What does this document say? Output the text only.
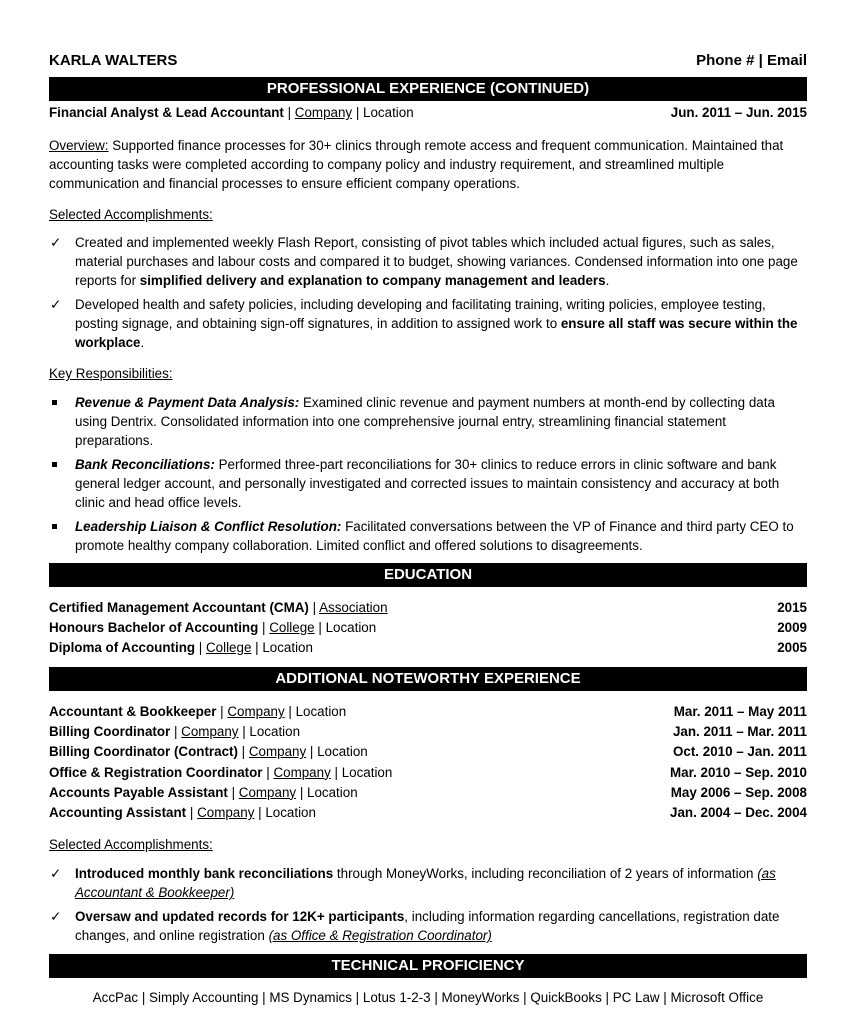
KARLA WALTERS	Phone # | Email
PROFESSIONAL EXPERIENCE (CONTINUED)
Financial Analyst & Lead Accountant | Company | Location	Jun. 2011 – Jun. 2015
Overview: Supported finance processes for 30+ clinics through remote access and frequent communication. Maintained that accounting tasks were completed according to company policy and industry requirement, and streamlined multiple communication and financial processes to ensure efficient company operations.
Selected Accomplishments:
✓ Created and implemented weekly Flash Report, consisting of pivot tables which included actual figures, such as sales, material purchases and labour costs and compared it to budget, showing variances. Condensed information into one page reports for simplified delivery and explanation to company management and leaders.
✓ Developed health and safety policies, including developing and facilitating training, writing policies, employee testing, posting signage, and obtaining sign-off signatures, in addition to assigned work to ensure all staff was secure within the workplace.
Key Responsibilities:
Revenue & Payment Data Analysis: Examined clinic revenue and payment numbers at month-end by collecting data using Dentrix. Consolidated information into one comprehensive journal entry, streamlining financial statement preparations.
Bank Reconciliations: Performed three-part reconciliations for 30+ clinics to reduce errors in clinic software and bank general ledger account, and personally investigated and corrected issues to maintain consistency and accuracy at both clinic and head office levels.
Leadership Liaison & Conflict Resolution: Facilitated conversations between the VP of Finance and third party CEO to promote healthy company collaboration. Limited conflict and offered solutions to disagreements.
EDUCATION
Certified Management Accountant (CMA) | Association	2015
Honours Bachelor of Accounting | College | Location	2009
Diploma of Accounting | College | Location	2005
ADDITIONAL NOTEWORTHY EXPERIENCE
Accountant & Bookkeeper | Company | Location	Mar. 2011 – May 2011
Billing Coordinator | Company | Location	Jan. 2011 – Mar. 2011
Billing Coordinator (Contract) | Company | Location	Oct. 2010 – Jan. 2011
Office & Registration Coordinator | Company | Location	Mar. 2010 – Sep. 2010
Accounts Payable Assistant | Company | Location	May 2006 – Sep. 2008
Accounting Assistant | Company | Location	Jan. 2004 – Dec. 2004
Selected Accomplishments:
✓ Introduced monthly bank reconciliations through MoneyWorks, including reconciliation of 2 years of information (as Accountant & Bookkeeper)
✓ Oversaw and updated records for 12K+ participants, including information regarding cancellations, registration date changes, and online registration (as Office & Registration Coordinator)
TECHNICAL PROFICIENCY
AccPac | Simply Accounting | MS Dynamics | Lotus 1-2-3 | MoneyWorks | QuickBooks | PC Law | Microsoft Office
